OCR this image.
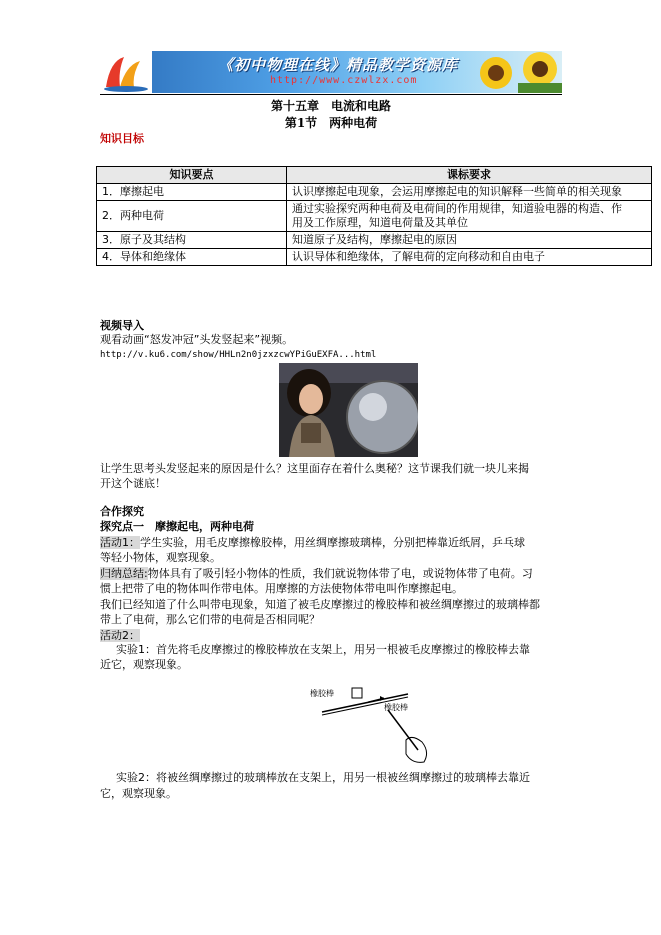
《初中物理在线》精品教学资源库
http://www.czwlzx.com
第十五章　电流和电路
第1节　两种电荷
知识目标
知识要点	课标要求
1．摩擦起电	认识摩擦起电现象，会运用摩擦起电的知识解释一些简单的相关现象
2．两种电荷	通过实验探究两种电荷及电荷间的作用规律，知道验电器的构造、作
用及工作原理，知道电荷量及其单位

3．原子及其结构	知道原子及结构，摩擦起电的原因
4．导体和绝缘体	认识导体和绝缘体，了解电荷的定向移动和自由电子
视频导入
观看动画“怒发冲冠”头发竖起来”视频。
http://v.ku6.com/show/HHLn2n0jzxzcwYPiGuEXFA...html
让学生思考头发竖起来的原因是什么？这里面存在着什么奥秘？这节课我们就一块儿来揭
开这个谜底！
合作探究
探究点一　摩擦起电，两种电荷
活动1：学生实验，用毛皮摩擦橡胶棒，用丝绸摩擦玻璃棒，分别把棒靠近纸屑，乒乓球
等轻小物体，观察现象。
归纳总结:物体具有了吸引轻小物体的性质，我们就说物体带了电，或说物体带了电荷。习
惯上把带了电的物体叫作带电体。用摩擦的方法使物体带电叫作摩擦起电。
我们已经知道了什么叫带电现象，知道了被毛皮摩擦过的橡胶棒和被丝绸摩擦过的玻璃棒都
带上了电荷，那么它们带的电荷是否相同呢？
活动2：
实验1：首先将毛皮摩擦过的橡胶棒放在支架上，用另一根被毛皮摩擦过的橡胶棒去靠
近它，观察现象。
橡胶棒
橡胶棒
实验2：将被丝绸摩擦过的玻璃棒放在支架上，用另一根被丝绸摩擦过的玻璃棒去靠近
它，观察现象。
